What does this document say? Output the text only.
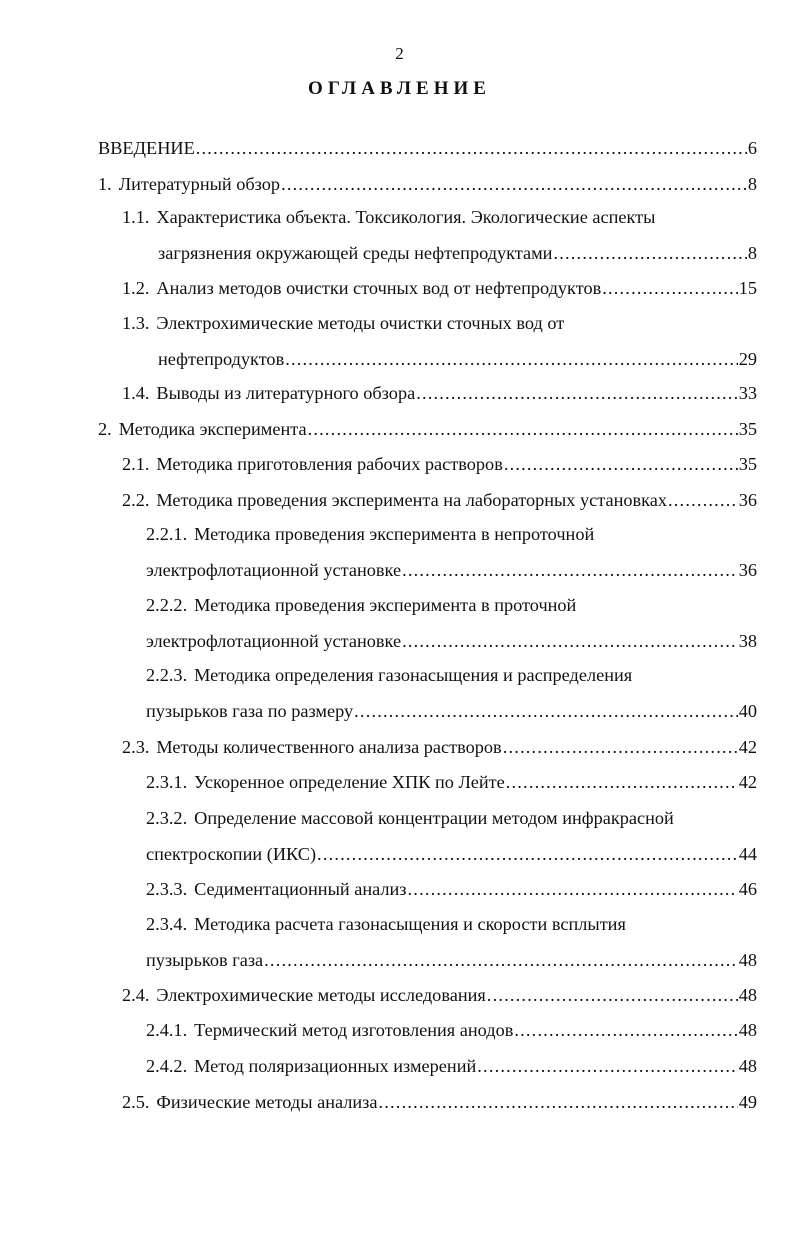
2
ОГЛАВЛЕНИЕ
ВВЕДЕНИЕ .....	6
1. Литературный обзор .....	8
1.1. Характеристика объекта. Токсикология. Экологические аспекты
загрязнения окружающей среды нефтепродуктами .....	8
1.2. Анализ методов очистки сточных вод от нефтепродуктов .....	15
1.3. Электрохимические методы очистки сточных вод от
нефтепродуктов .....	29
1.4. Выводы из литературного обзора .....	33
2. Методика эксперимента .....	35
2.1. Методика приготовления рабочих растворов .....	35
2.2. Методика проведения эксперимента на лабораторных установках .....	36
2.2.1. Методика проведения эксперимента в непроточной
электрофлотационной установке .....	36
2.2.2. Методика проведения эксперимента в проточной
электрофлотационной установке .....	38
2.2.3. Методика определения газонасыщения и распределения
пузырьков газа по размеру .....	40
2.3. Методы количественного анализа растворов .....	42
2.3.1. Ускоренное определение ХПК по Лейте .....	42
2.3.2. Определение массовой концентрации методом инфракрасной
спектроскопии (ИКС) .....	44
2.3.3. Седиментационный анализ .....	46
2.3.4. Методика расчета газонасыщения и скорости всплытия
пузырьков газа .....	48
2.4. Электрохимические методы исследования .....	48
2.4.1. Термический метод изготовления анодов .....	48
2.4.2. Метод поляризационных измерений .....	48
2.5. Физические методы анализа .....	49
